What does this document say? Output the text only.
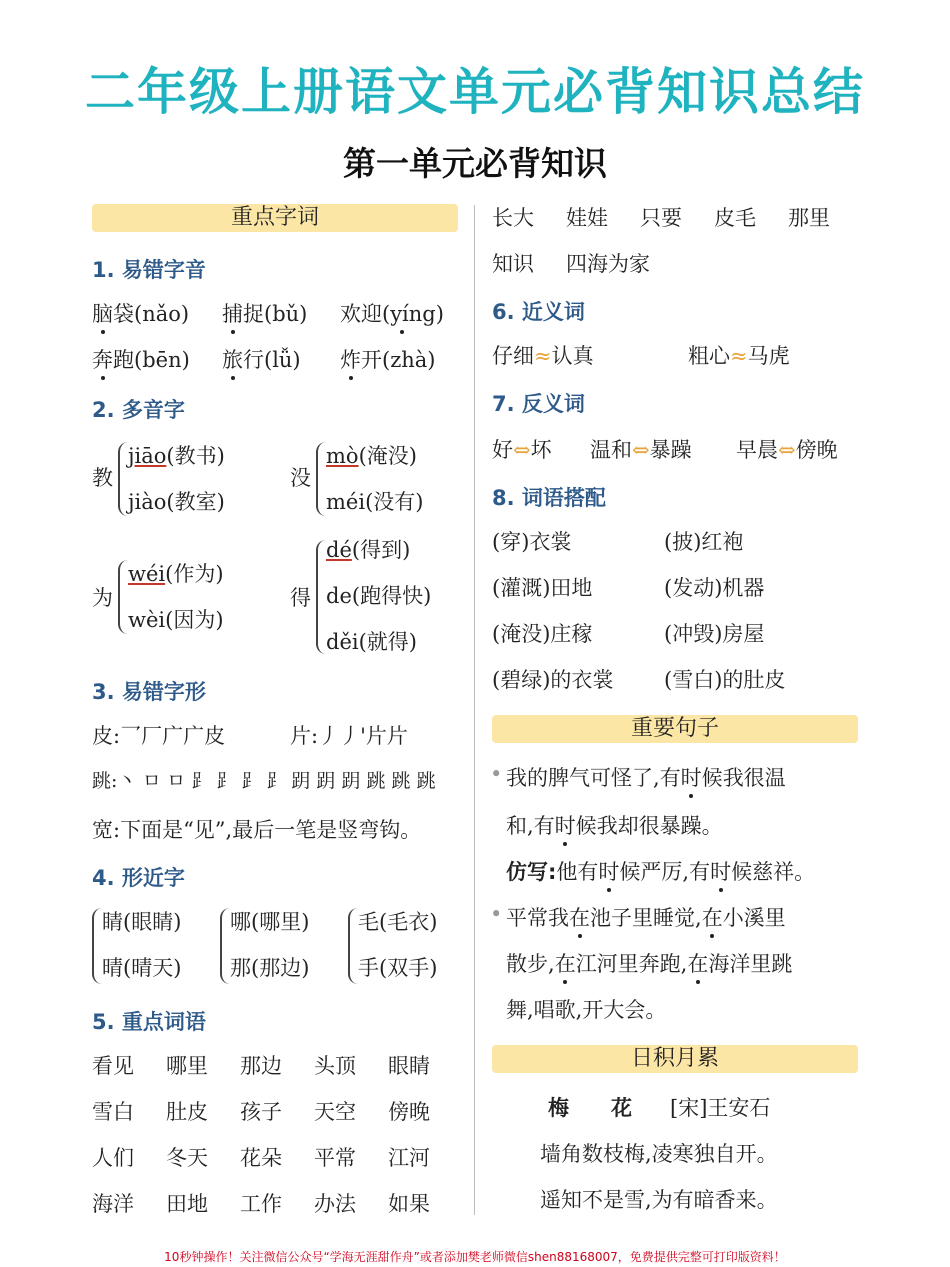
二年级上册语文单元必背知识总结
第一单元必背知识
重点字词
1. 易错字音
脑袋(nǎo) 捕捉(bǔ) 欢迎(yíng)
奔跑(bēn) 旅行(lǚ) 炸开(zhà)
2. 多音字
教
jiāo(教书)
jiào(教室)
没
mò(淹没)
méi(没有)
为
wéi(作为)
wèi(因为)
得
dé(得到)
de(跑得快)
děi(就得)
3. 易错字形
皮:乛厂广广皮	片:丿丿'片片
跳:丶 ㅁ ㅁ ⻊ ⻊ ⻊ ⻊ 跀 跀 跀 跳 跳 跳
宽:下面是“见”,最后一笔是竖弯钩。
4. 形近字
睛(眼睛)
晴(晴天)
哪(哪里)
那(那边)
毛(毛衣)
手(双手)
5. 重点词语
看见 哪里 那边 头顶 眼睛
雪白 肚皮 孩子 天空 傍晚
人们 冬天 花朵 平常 江河
海洋 田地 工作 办法 如果
长大 娃娃 只要 皮毛 那里
知识 四海为家
6. 近义词
仔细≈认真	粗心≈马虎
7. 反义词
好⇔坏 温和⇔暴躁 早晨⇔傍晚
8. 词语搭配
(穿)衣裳	(披)红袍
(灌溉)田地	(发动)机器
(淹没)庄稼	(冲毁)房屋
(碧绿)的衣裳 (雪白)的肚皮
重要句子
• 我的脾气可怪了,有时候我很温
和,有时候我却很暴躁。
仿写:他有时候严厉,有时候慈祥。
• 平常我在池子里睡觉,在小溪里
散步,在江河里奔跑,在海洋里跳
舞,唱歌,开大会。
日积月累
梅　　花 [宋]王安石
墙角数枝梅,凌寒独自开。
遥知不是雪,为有暗香来。
10秒钟操作！关注微信公众号“学海无涯甜作舟”或者添加樊老师微信shen88168007，免费提供完整可打印版资料！
